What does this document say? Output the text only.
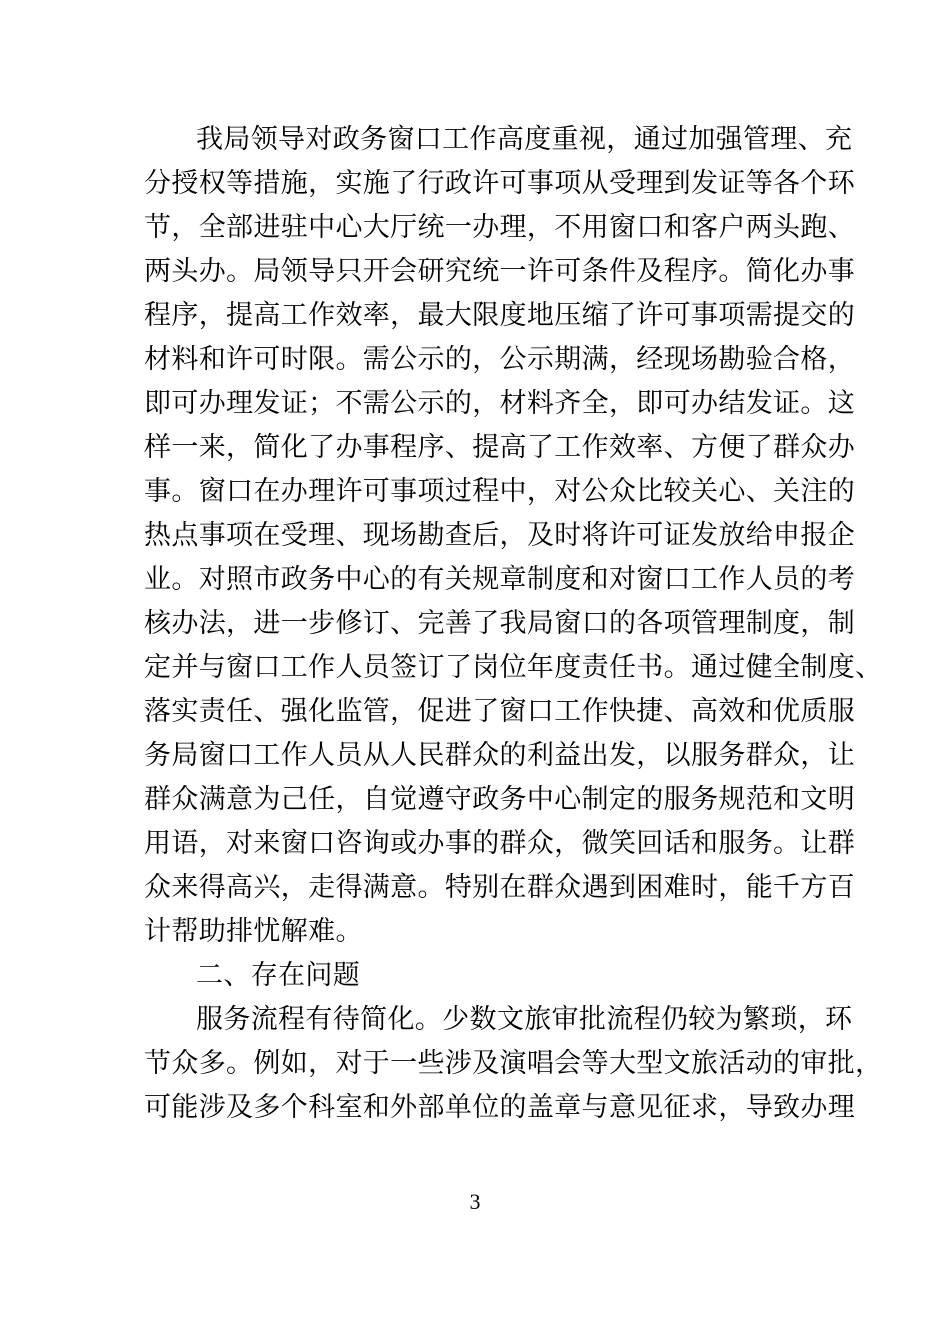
我局领导对政务窗口工作高度重视，通过加强管理、充
分授权等措施，实施了行政许可事项从受理到发证等各个环
节，全部进驻中心大厅统一办理，不用窗口和客户两头跑、
两头办。局领导只开会研究统一许可条件及程序。简化办事
程序，提高工作效率，最大限度地压缩了许可事项需提交的
材料和许可时限。需公示的，公示期满，经现场勘验合格，
即可办理发证；不需公示的，材料齐全，即可办结发证。这
样一来，简化了办事程序、提高了工作效率、方便了群众办
事。窗口在办理许可事项过程中，对公众比较关心、关注的
热点事项在受理、现场勘查后，及时将许可证发放给申报企
业。对照市政务中心的有关规章制度和对窗口工作人员的考
核办法，进一步修订、完善了我局窗口的各项管理制度，制
定并与窗口工作人员签订了岗位年度责任书。通过健全制度、
落实责任、强化监管，促进了窗口工作快捷、高效和优质服
务局窗口工作人员从人民群众的利益出发，以服务群众，让
群众满意为己任，自觉遵守政务中心制定的服务规范和文明
用语，对来窗口咨询或办事的群众，微笑回话和服务。让群
众来得高兴，走得满意。特别在群众遇到困难时，能千方百
计帮助排忧解难。
二、存在问题
服务流程有待简化。少数文旅审批流程仍较为繁琐，环
节众多。例如，对于一些涉及演唱会等大型文旅活动的审批，
可能涉及多个科室和外部单位的盖章与意见征求，导致办理
3
